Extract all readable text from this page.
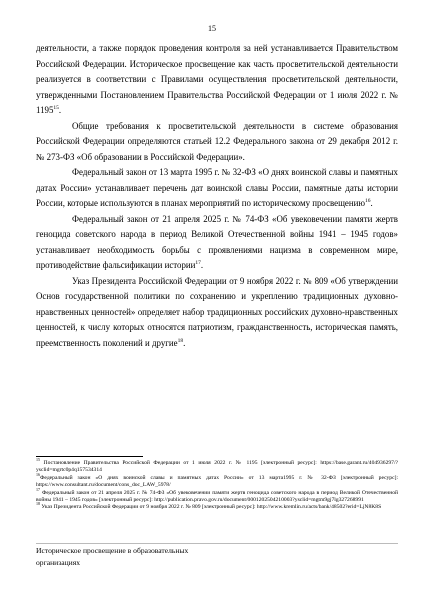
15

деятельности, а также порядок проведения контроля за ней устанавливается Правительством Российской Федерации. Историческое просвещение как часть просветительской деятельности реализуется в соответствии с Правилами осуществления просветительской деятельности, утвержденными Постановлением Правительства Российской Федерации от 1 июля 2022 г. № 1195$^{15}$.

Общие требования к просветительской деятельности в системе образования Российской Федерации определяются статьей 12.2 Федерального закона от 29 декабря 2012 г. № 273-ФЗ «Об образовании в Российской Федерации».

Федеральный закон от 13 марта 1995 г. № 32-ФЗ «О днях воинской славы и памятных датах России» устанавливает перечень дат воинской славы России, памятные даты истории России, которые используются в планах мероприятий по историческому просвещению$^{16}$.

Федеральный закон от 21 апреля 2025 г. № 74-ФЗ «Об увековечении памяти жертв геноцида советского народа в период Великой Отечественной войны 1941 – 1945 годов» устанавливает необходимость борьбы с проявлениями нацизма в современном мире, противодействие фальсификации истории$^{17}$.

Указ Президента Российской Федерации от 9 ноября 2022 г. № 809 «Об утверждении Основ государственной политики по сохранению и укреплению традиционных духовно-нравственных ценностей» определяет набор традиционных российских духовно-нравственных ценностей, к числу которых относятся патриотизм, гражданственность, историческая память, преемственность поколений и другие$^{18}$.

$^{15}$ Постановление Правительства Российской Федерации от 1 июля 2022 г. № 1195 [электронный ресурс]: https://base.garant.ru/404936297/?ysclid=mgrtc0p4q157534314

$^{16}$Федеральный закон «О днях воинской славы и памятных датах России» от 13 марта1995 г. № 32-ФЗ [электронный ресурс]: https://www.consultant.ru/document/cons_doc_LAW_5978/

$^{17}$ Федеральный закон от 21 апреля 2025 г. № 74-ФЗ «Об увековечении памяти жертв геноцида советского народа в период Великой Отечественной войны 1941 – 1945 годов» [электронный ресурс]: http://publication.pravo.gov.ru/document/0001202504210003?ysclid=mgtm9gj7lg327268991

$^{18}$ Указ Президента Российской Федерации от 9 ноября 2022 г. № 809 [электронный ресурс]: http://www.kremlin.ru/acts/bank/48502?erid=LjN8K8S

Историческое просвещение в образовательных
организациях
